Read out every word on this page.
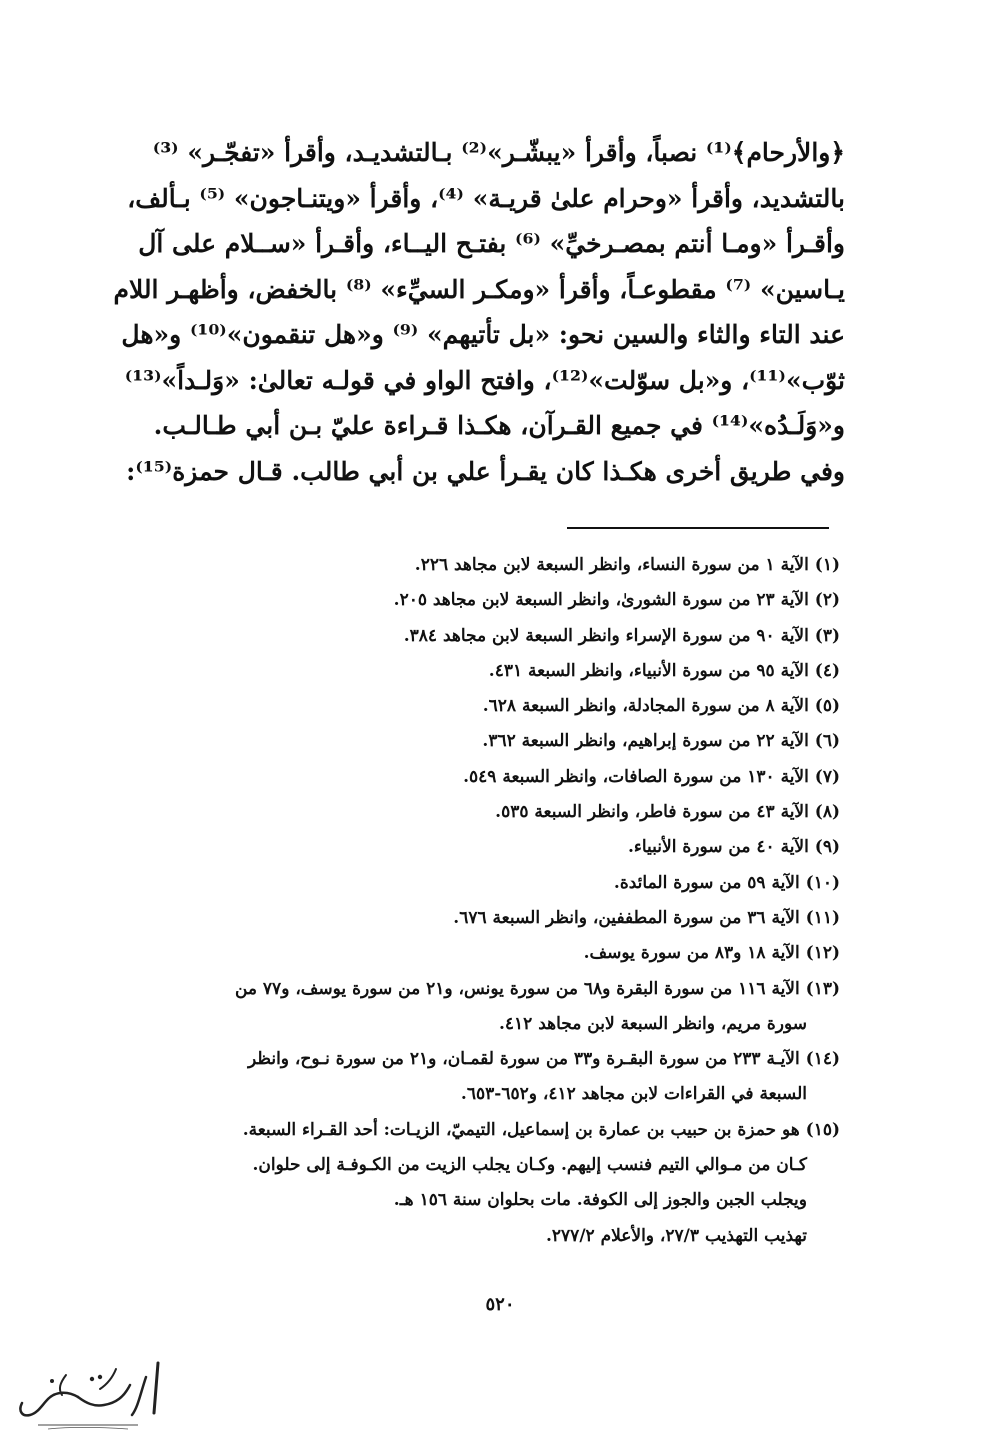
﴿والأرحام﴾⁽¹⁾ نصباً، وأقرأ «يبشّـر»⁽²⁾ بـالتشديـد، وأقرأ «تفجّـر» ⁽³⁾
بالتشديد، وأقرأ «وحرام علىٰ قريـة» ⁽⁴⁾، وأقرأ «ويتنـاجون» ⁽⁵⁾ بـألف،
وأقـرأ «ومـا أنتم بمصـرخيِّ» ⁽⁶⁾ بفتـح اليــاء، وأقـرأ «ســلام على آل
يـاسين» ⁽⁷⁾ مقطوعـاً، وأقرأ «ومكـر السيِّء» ⁽⁸⁾ بالخفض، وأظهـر اللام
عند التاء والثاء والسين نحو: «بل تأتيهم» ⁽⁹⁾ و«هل تنقمون»⁽¹⁰⁾ و«هل
ثوّب»⁽¹¹⁾، و«بل سوّلت»⁽¹²⁾، وافتح الواو في قولـه تعالىٰ: «وَلـداً»⁽¹³⁾
و«وَلَـدُه»⁽¹⁴⁾ في جميع القـرآن، هكـذا قـراءة عليّ بـن أبي طـالـب.
وفي طريق أخرى هكـذا كان يقـرأ علي بن أبي طالب. قـال حمزة⁽¹⁵⁾:
(١) الآية ١ من سورة النساء، وانظر السبعة لابن مجاهد ٢٢٦.
(٢) الآية ٢٣ من سورة الشورىٰ، وانظر السبعة لابن مجاهد ٢٠٥.
(٣) الآية ٩٠ من سورة الإسراء وانظر السبعة لابن مجاهد ٣٨٤.
(٤) الآية ٩٥ من سورة الأنبياء، وانظر السبعة ٤٣١.
(٥) الآية ٨ من سورة المجادلة، وانظر السبعة ٦٢٨.
(٦) الآية ٢٢ من سورة إبراهيم، وانظر السبعة ٣٦٢.
(٧) الآية ١٣٠ من سورة الصافات، وانظر السبعة ٥٤٩.
(٨) الآية ٤٣ من سورة فاطر، وانظر السبعة ٥٣٥.
(٩) الآية ٤٠ من سورة الأنبياء.
(١٠) الآية ٥٩ من سورة المائدة.
(١١) الآية ٣٦ من سورة المطففين، وانظر السبعة ٦٧٦.
(١٢) الآية ١٨ و٨٣ من سورة يوسف.
(١٣) الآية ١١٦ من سورة البقرة و٦٨ من سورة يونس، و٢١ من سورة يوسف، و٧٧ من
سورة مريم، وانظر السبعة لابن مجاهد ٤١٢.
(١٤) الآيـة ٢٣٣ من سورة البقـرة و٣٣ من سورة لقمـان، و٢١ من سورة نـوح، وانظر
السبعة في القراءات لابن مجاهد ٤١٢، و٦٥٢-٦٥٣.
(١٥) هو حمزة بن حبيب بن عمارة بن إسماعيل، التيميّ، الزيـات: أحد القـراء السبعة.
كـان من مـوالي التيم فنسب إليهم. وكـان يجلب الزيت من الكـوفـة إلى حلوان.
ويجلب الجبن والجوز إلى الكوفة. مات بحلوان سنة ١٥٦ هـ.
تهذيب التهذيب ٢٧/٣، والأعلام ٢٧٧/٢.
٥٢٠
